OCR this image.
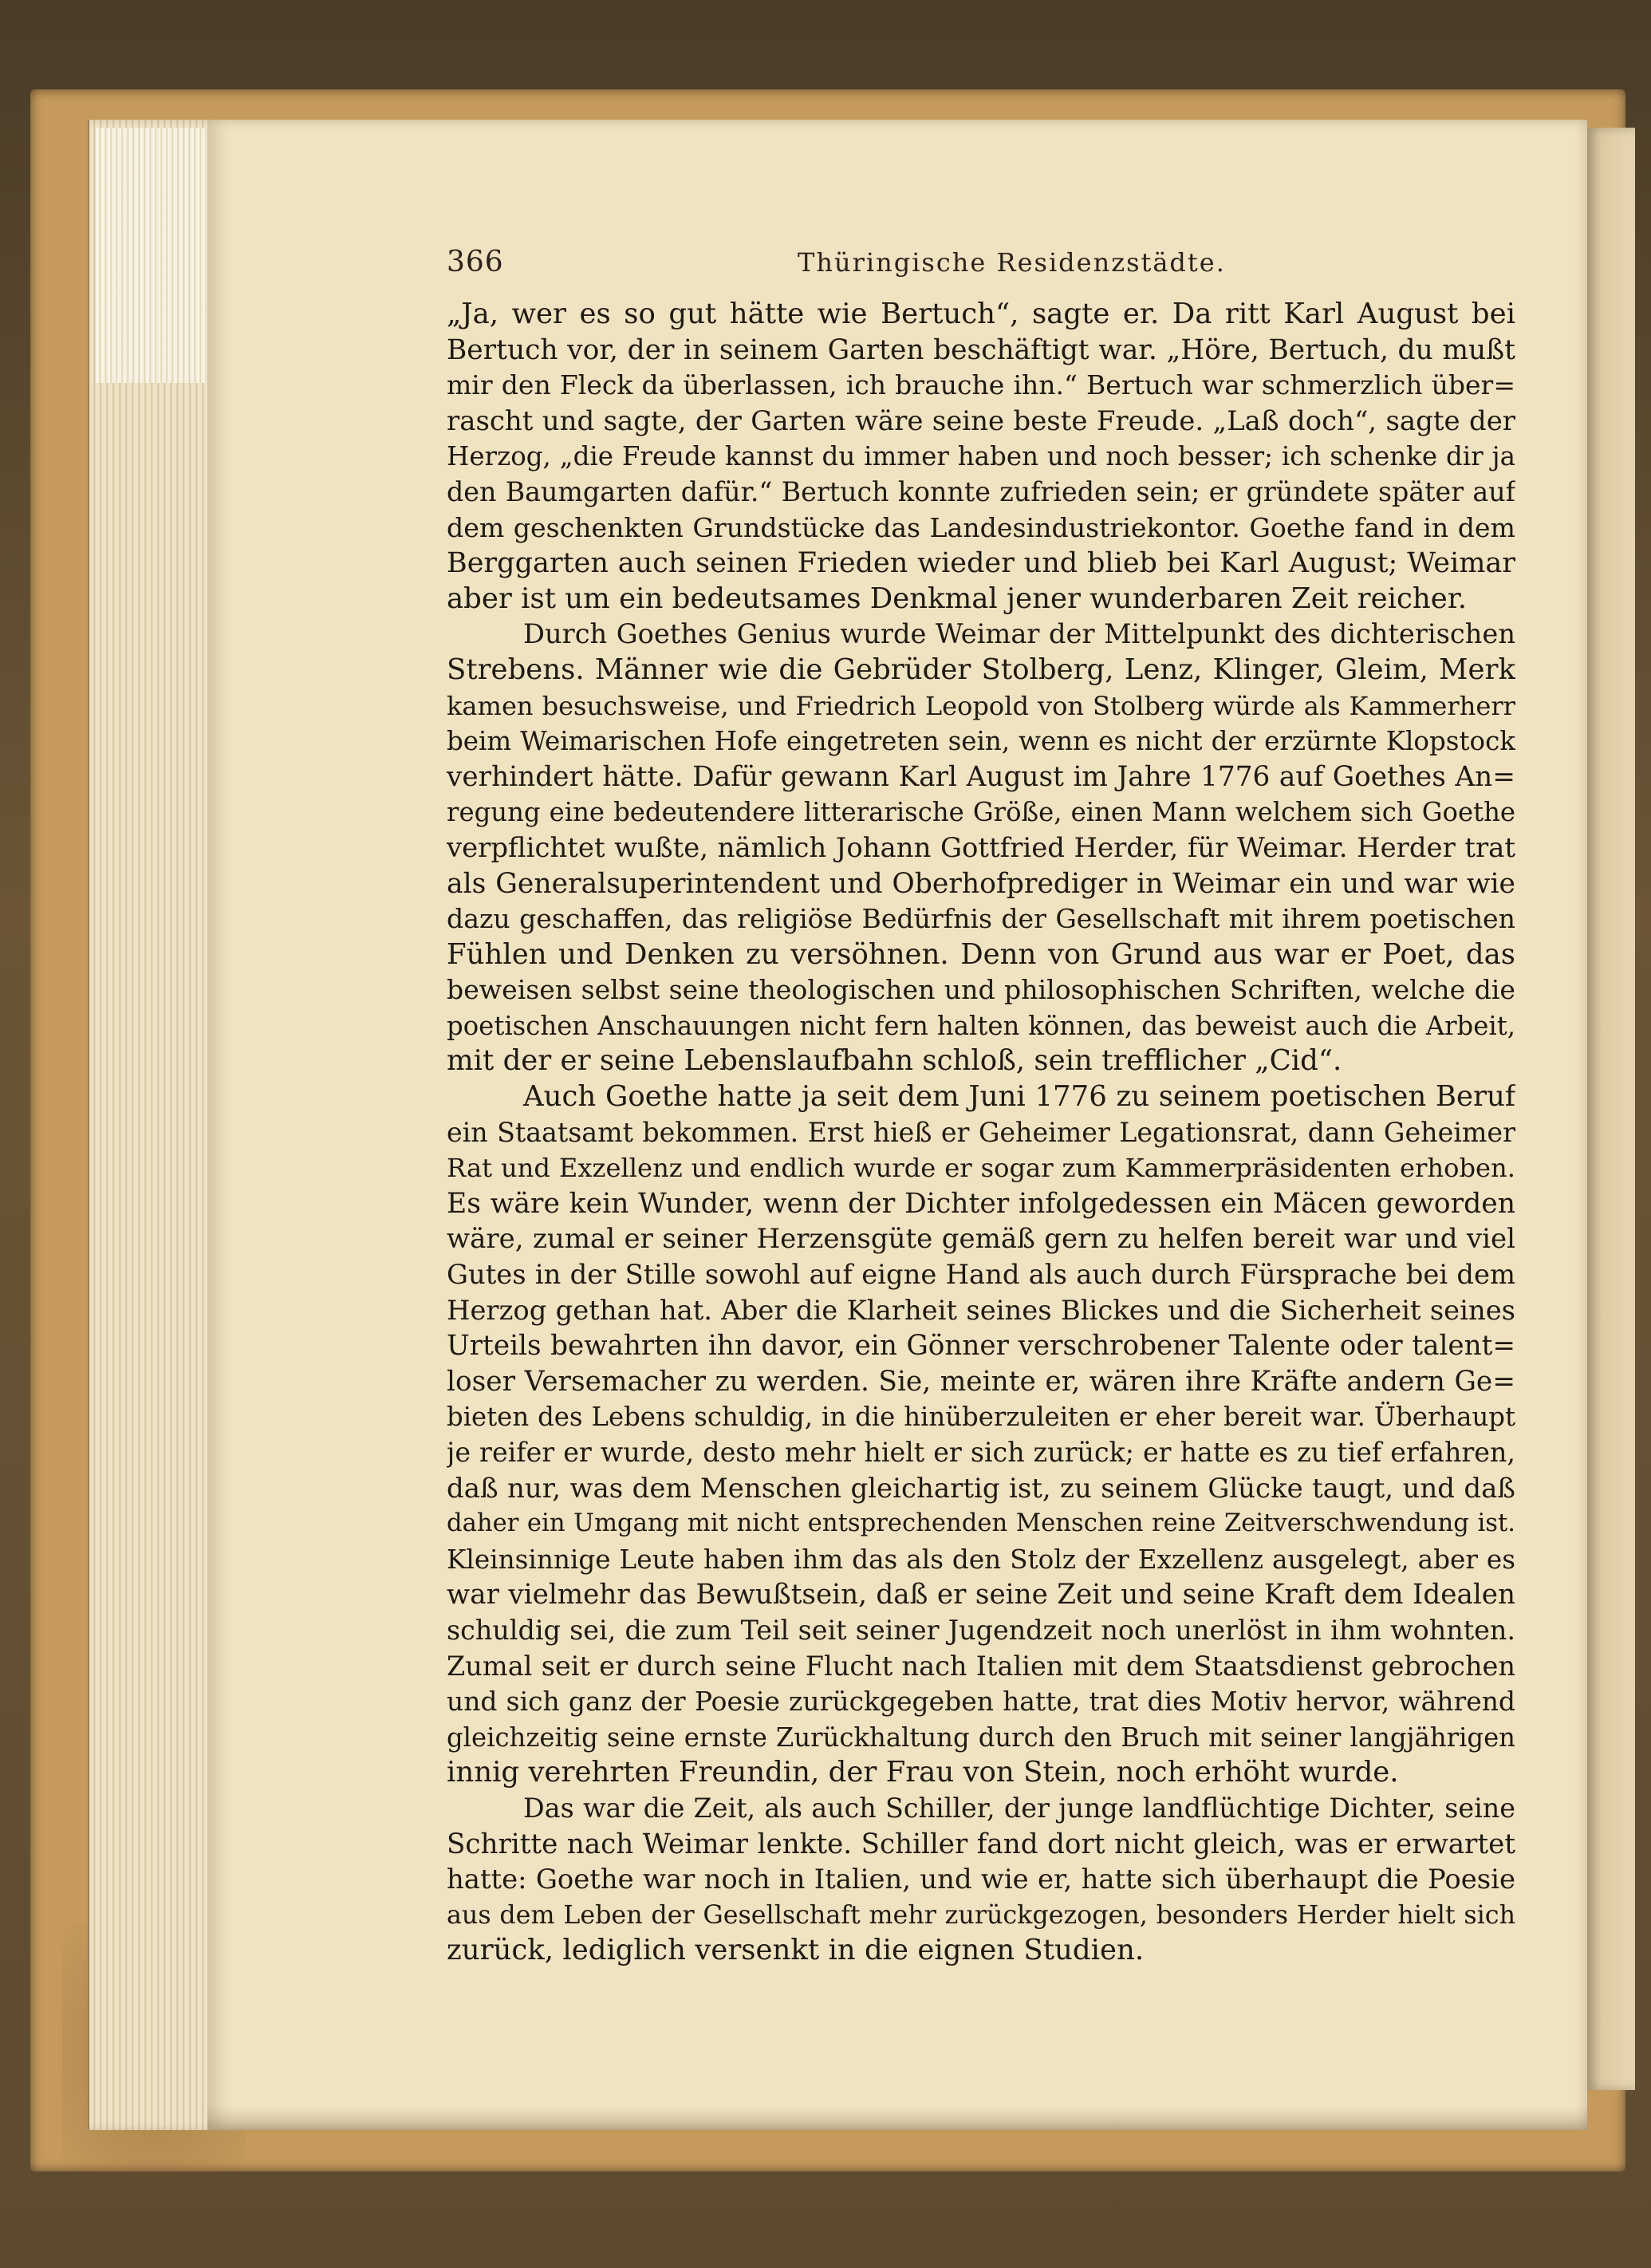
366	Thüringische Residenzstädte.
„Ja, wer es so gut hätte wie Bertuch“, sagte er. Da ritt Karl August bei
Bertuch vor, der in seinem Garten beschäftigt war. „Höre, Bertuch, du mußt
mir den Fleck da überlassen, ich brauche ihn.“ Bertuch war schmerzlich über=
rascht und sagte, der Garten wäre seine beste Freude. „Laß doch“, sagte der
Herzog, „die Freude kannst du immer haben und noch besser; ich schenke dir ja
den Baumgarten dafür.“ Bertuch konnte zufrieden sein; er gründete später auf
dem geschenkten Grundstücke das Landesindustriekontor. Goethe fand in dem
Berggarten auch seinen Frieden wieder und blieb bei Karl August; Weimar
aber ist um ein bedeutsames Denkmal jener wunderbaren Zeit reicher.
Durch Goethes Genius wurde Weimar der Mittelpunkt des dichterischen
Strebens. Männer wie die Gebrüder Stolberg, Lenz, Klinger, Gleim, Merk
kamen besuchsweise, und Friedrich Leopold von Stolberg würde als Kammerherr
beim Weimarischen Hofe eingetreten sein, wenn es nicht der erzürnte Klopstock
verhindert hätte. Dafür gewann Karl August im Jahre 1776 auf Goethes An=
regung eine bedeutendere litterarische Größe, einen Mann welchem sich Goethe
verpflichtet wußte, nämlich Johann Gottfried Herder, für Weimar. Herder trat
als Generalsuperintendent und Oberhofprediger in Weimar ein und war wie
dazu geschaffen, das religiöse Bedürfnis der Gesellschaft mit ihrem poetischen
Fühlen und Denken zu versöhnen. Denn von Grund aus war er Poet, das
beweisen selbst seine theologischen und philosophischen Schriften, welche die
poetischen Anschauungen nicht fern halten können, das beweist auch die Arbeit,
mit der er seine Lebenslaufbahn schloß, sein trefflicher „Cid“.
Auch Goethe hatte ja seit dem Juni 1776 zu seinem poetischen Beruf
ein Staatsamt bekommen. Erst hieß er Geheimer Legationsrat, dann Geheimer
Rat und Exzellenz und endlich wurde er sogar zum Kammerpräsidenten erhoben.
Es wäre kein Wunder, wenn der Dichter infolgedessen ein Mäcen geworden
wäre, zumal er seiner Herzensgüte gemäß gern zu helfen bereit war und viel
Gutes in der Stille sowohl auf eigne Hand als auch durch Fürsprache bei dem
Herzog gethan hat. Aber die Klarheit seines Blickes und die Sicherheit seines
Urteils bewahrten ihn davor, ein Gönner verschrobener Talente oder talent=
loser Versemacher zu werden. Sie, meinte er, wären ihre Kräfte andern Ge=
bieten des Lebens schuldig, in die hinüberzuleiten er eher bereit war. Überhaupt
je reifer er wurde, desto mehr hielt er sich zurück; er hatte es zu tief erfahren,
daß nur, was dem Menschen gleichartig ist, zu seinem Glücke taugt, und daß
daher ein Umgang mit nicht entsprechenden Menschen reine Zeitverschwendung ist.
Kleinsinnige Leute haben ihm das als den Stolz der Exzellenz ausgelegt, aber es
war vielmehr das Bewußtsein, daß er seine Zeit und seine Kraft dem Idealen
schuldig sei, die zum Teil seit seiner Jugendzeit noch unerlöst in ihm wohnten.
Zumal seit er durch seine Flucht nach Italien mit dem Staatsdienst gebrochen
und sich ganz der Poesie zurückgegeben hatte, trat dies Motiv hervor, während
gleichzeitig seine ernste Zurückhaltung durch den Bruch mit seiner langjährigen
innig verehrten Freundin, der Frau von Stein, noch erhöht wurde.
Das war die Zeit, als auch Schiller, der junge landflüchtige Dichter, seine
Schritte nach Weimar lenkte. Schiller fand dort nicht gleich, was er erwartet
hatte: Goethe war noch in Italien, und wie er, hatte sich überhaupt die Poesie
aus dem Leben der Gesellschaft mehr zurückgezogen, besonders Herder hielt sich
zurück, lediglich versenkt in die eignen Studien.
